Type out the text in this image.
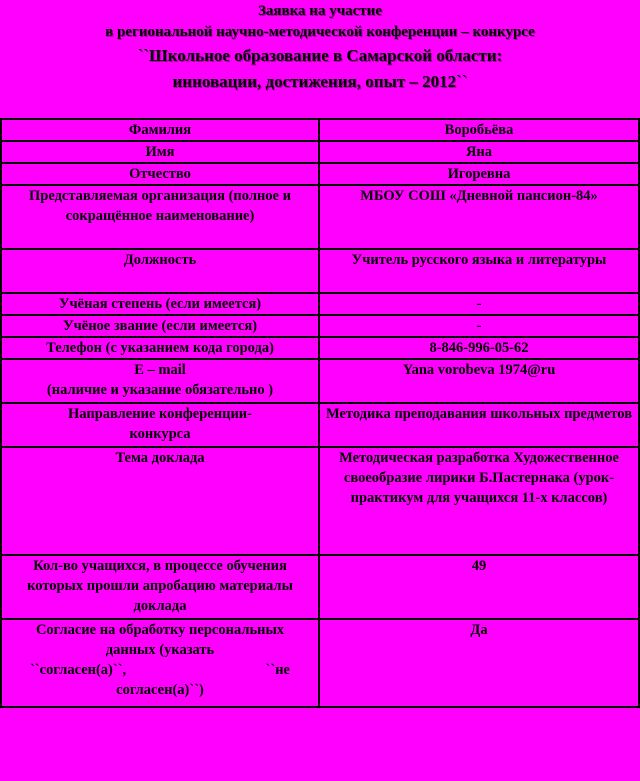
Заявка на участие
в региональной научно-методической конференции – конкурсе
``Школьное образование в Самарской области:
инновации, достижения, опыт – 2012``
Фамилия	Воробьёва
Имя	Яна
Отчество	Игоревна
Представляемая организация (полное и сокращённое наименование)	МБОУ СОШ «Дневной пансион-84»
Должность	Учитель русского языка и литературы
Учёная степень (если имеется)	-
Учёное звание (если имеется)	-
Телефон (с указанием кода города)	8-846-996-05-62

E – mail
(наличие и указание обязательно )	Yana vorobeva 1974@ru
Направление конференции-конкурса	Методика преподавания школьных предметов
Тема доклада	Методическая разработка Художественное своеобразие лирики Б.Пастернака (урок-практикум для учащихся 11-х классов)
Кол-во учащихся, в процессе обучения которых прошли апробацию материалы доклада	49

Согласие на обработку персональных данных (указать
``согласен(а)``, ``не
согласен(а)``)	Да
